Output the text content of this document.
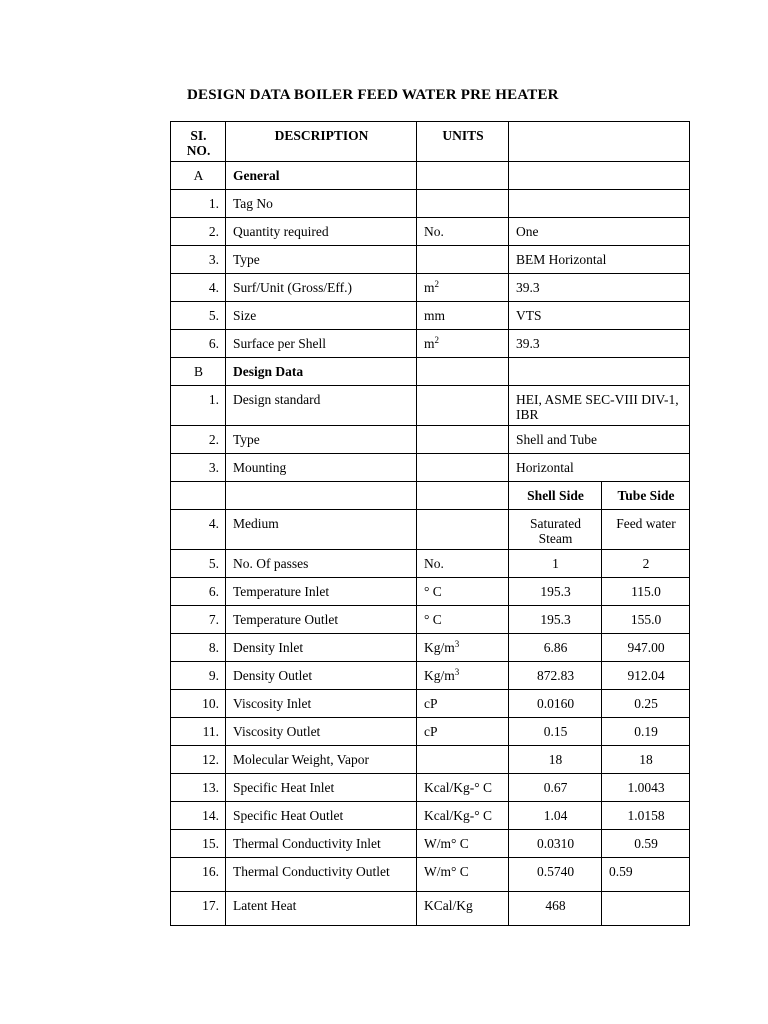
DESIGN DATA BOILER FEED WATER PRE HEATER
SI. NO.	DESCRIPTION	UNITS		
A	General			
1.	Tag No			
2.	Quantity required	No.	One	
3.	Type		BEM Horizontal	
4.	Surf/Unit (Gross/Eff.)	$m^2$	39.3	
5.	Size	mm	VTS	
6.	Surface per Shell	$m^2$	39.3	
B	Design Data			
1.	Design standard		HEI, ASME SEC-VIII DIV-1, IBR	
2.	Type		Shell and Tube	
3.	Mounting		Horizontal	
			Shell Side	Tube Side
4.	Medium		Saturated Steam	Feed water
5.	No. Of passes	No.	1	2
6.	Temperature Inlet	° C	195.3	115.0
7.	Temperature Outlet	° C	195.3	155.0
8.	Density Inlet	$Kg/m^3$	6.86	947.00
9.	Density Outlet	$Kg/m^3$	872.83	912.04
10.	Viscosity Inlet	cP	0.0160	0.25
11.	Viscosity Outlet	cP	0.15	0.19
12.	Molecular Weight, Vapor		18	18
13.	Specific Heat Inlet	Kcal/Kg-° C	0.67	1.0043
14.	Specific Heat Outlet	Kcal/Kg-° C	1.04	1.0158
15.	Thermal Conductivity Inlet	W/m° C	0.0310	0.59
16.	Thermal Conductivity Outlet	W/m° C	0.5740	0.59
17.	Latent Heat	KCal/Kg	468	
